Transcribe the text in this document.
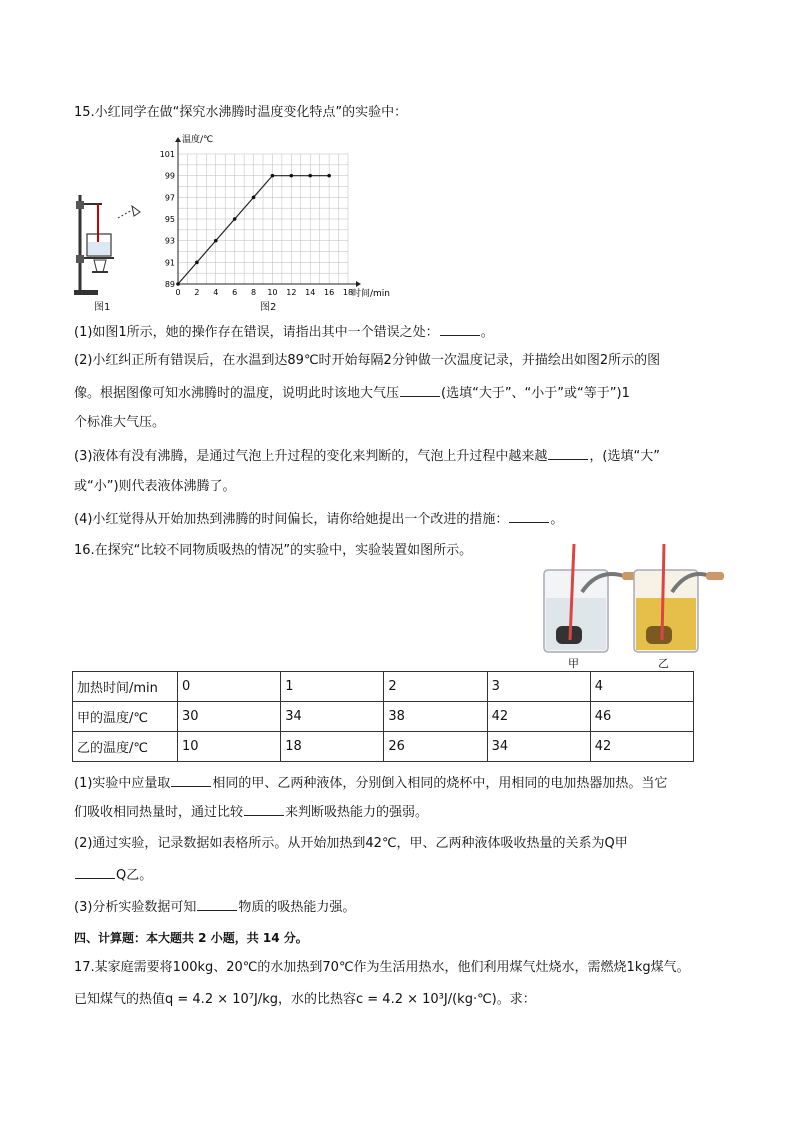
15.小红同学在做“探究水沸腾时温度变化特点”的实验中：
图1
0 2 4 6 8 10 12 14 16 18
89
91
93
95
97
99
101
温度/℃
时间/min
图2
(1)如图1所示，她的操作存在错误，请指出其中一个错误之处：	。
(2)小红纠正所有错误后，在水温到达89℃时开始每隔2分钟做一次温度记录，并描绘出如图2所示的图
像。根据图像可知水沸腾时的温度，说明此时该地大气压	(选填“大于”、“小于”或“等于”)1
个标准大气压。
(3)液体有没有沸腾，是通过气泡上升过程的变化来判断的，气泡上升过程中越来越	，(选填“大”
或“小”)则代表液体沸腾了。
(4)小红觉得从开始加热到沸腾的时间偏长，请你给她提出一个改进的措施：	。
16.在探究“比较不同物质吸热的情况”的实验中，实验装置如图所示。
甲	乙
加热时间/min	0	1	2	3	4
甲的温度/℃	30	34	38	42	46
乙的温度/℃	10	18	26	34	42
(1)实验中应量取	相同的甲、乙两种液体，分别倒入相同的烧杯中，用相同的电加热器加热。当它
们吸收相同热量时，通过比较	来判断吸热能力的强弱。
(2)通过实验，记录数据如表格所示。从开始加热到42℃，甲、乙两种液体吸收热量的关系为Q甲
Q乙。
(3)分析实验数据可知	物质的吸热能力强。
四、计算题：本大题共 2 小题，共 14 分。
17.某家庭需要将100kg、20℃的水加热到70℃作为生活用热水，他们利用煤气灶烧水，需燃烧1kg煤气。
已知煤气的热值q = 4.2 × 10⁷J/kg，水的比热容c = 4.2 × 10³J/(kg·℃)。求：
